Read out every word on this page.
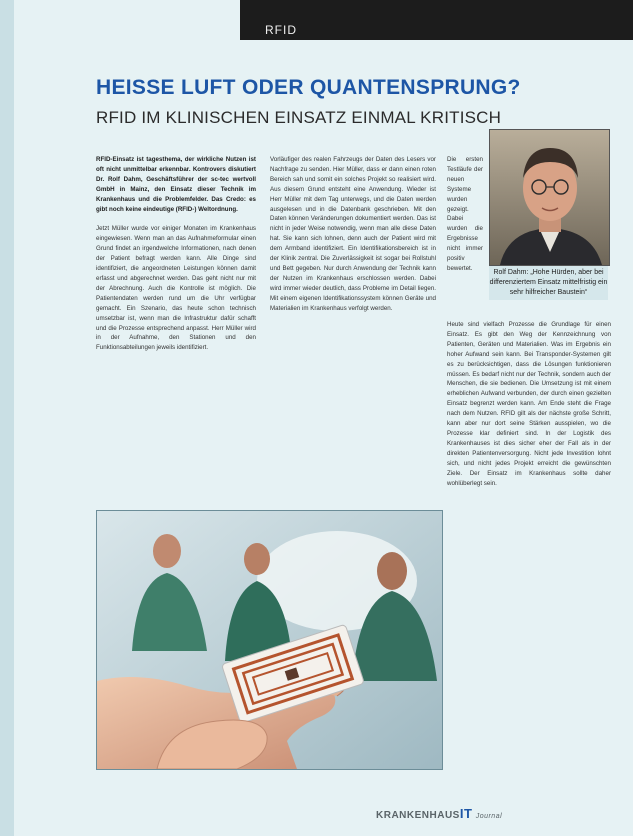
RFID
HEISSE LUFT ODER QUANTENSPRUNG?
RFID IM KLINISCHEN EINSATZ EINMAL KRITISCH
Rolf Dahm: „Hohe Hürden, aber bei differenziertem Einsatz mittelfristig ein sehr hilfreicher Baustein“

RFID-Einsatz ist tagesthema, der wirkliche Nutzen ist oft nicht unmittelbar erkennbar. Kontrovers diskutiert Dr. Rolf Dahm, Geschäftsführer der sc-tec wertvoll GmbH in Mainz, den Einsatz dieser Technik im Krankenhaus und die Problemfelder. Das Credo: es gibt noch keine eindeutige (RFID-) Weltordnung.

Jetzt Müller wurde vor einiger Monaten im Krankenhaus eingewiesen. Wenn man an das Aufnahmeformular einen Grund findet an irgendwelche Informationen, nach denen der Patient befragt werden kann. Alle Dinge sind identifiziert, die angeordneten Leistungen können damit erfasst und abgerechnet werden. Das geht nicht nur mit der Abrechnung. Auch die Kontrolle ist möglich. Die Patientendaten werden rund um die Uhr verfügbar gemacht. Ein Szenario, das heute schon technisch umsetzbar ist, wenn man die Infrastruktur dafür schafft und die Prozesse entsprechend anpasst. Herr Müller wird in der Aufnahme, den Stationen und den Funktionsabteilungen jeweils identifiziert.

Vorläufiger des realen Fahrzeugs der Daten des Lesers vor Nachfrage zu senden. Hier Müller, dass er dann einen roten Bereich sah und somit ein solches Projekt so realisiert wird. Aus diesem Grund entsteht eine Anwendung. Wieder ist Herr Müller mit dem Tag unterwegs, und die Daten werden ausgelesen und in die Datenbank geschrieben. Mit den Daten können Veränderungen dokumentiert werden. Das ist nicht in jeder Weise notwendig, wenn man alle diese Daten hat. Sie kann sich lohnen, denn auch der Patient wird mit dem Armband identifiziert. Ein Identifikationsbereich ist in der Klinik zentral. Die Zuverlässigkeit ist sogar bei Rollstuhl und Bett gegeben. Nur durch Anwendung der Technik kann der Nutzen im Krankenhaus erschlossen werden. Dabei wird immer wieder deutlich, dass Probleme im Detail liegen. Mit einem eigenen Identifikationssystem können Geräte und Materialien im Krankenhaus verfolgt werden.

Die ersten Testläufe der neuen Systeme wurden gezeigt. Dabei wurden die Ergebnisse nicht immer positiv bewertet.

Heute sind vielfach Prozesse die Grundlage für einen Einsatz. Es gibt den Weg der Kennzeichnung von Patienten, Geräten und Materialien. Was im Ergebnis ein hoher Aufwand sein kann. Bei Transponder-Systemen gilt es zu berücksichtigen, dass die Lösungen funktionieren müssen. Es bedarf nicht nur der Technik, sondern auch der Menschen, die sie bedienen. Die Umsetzung ist mit einem erheblichen Aufwand verbunden, der durch einen gezielten Einsatz begrenzt werden kann. Am Ende steht die Frage nach dem Nutzen. RFID gilt als der nächste große Schritt, kann aber nur dort seine Stärken ausspielen, wo die Prozesse klar definiert sind. In der Logistik des Krankenhauses ist dies sicher eher der Fall als in der direkten Patientenversorgung. Nicht jede Investition lohnt sich, und nicht jedes Projekt erreicht die gewünschten Ziele. Der Einsatz im Krankenhaus sollte daher wohlüberlegt sein.

KRANKENHAUSIT Journal
